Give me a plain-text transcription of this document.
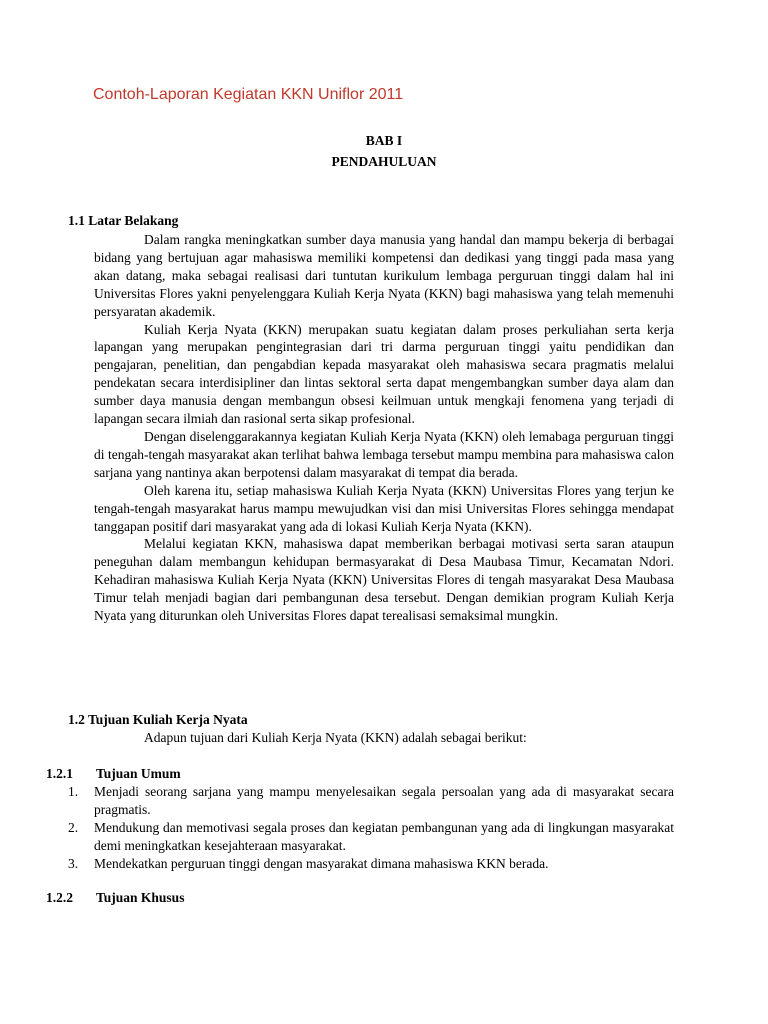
Contoh-Laporan Kegiatan KKN Uniflor 2011
BAB I
PENDAHULUAN
1.1 Latar Belakang

Dalam rangka meningkatkan sumber daya manusia yang handal dan mampu bekerja di berbagai bidang yang bertujuan agar mahasiswa memiliki kompetensi dan dedikasi yang tinggi pada masa yang akan datang, maka sebagai realisasi dari tuntutan kurikulum lembaga perguruan tinggi dalam hal ini Universitas Flores yakni penyelenggara Kuliah Kerja Nyata (KKN) bagi mahasiswa yang telah memenuhi persyaratan akademik.

Kuliah Kerja Nyata (KKN) merupakan suatu kegiatan dalam proses perkuliahan serta kerja lapangan yang merupakan pengintegrasian dari tri darma perguruan tinggi yaitu pendidikan dan pengajaran, penelitian, dan pengabdian kepada masyarakat oleh mahasiswa secara pragmatis melalui pendekatan secara interdisipliner dan lintas sektoral serta dapat mengembangkan sumber daya alam dan sumber daya manusia dengan membangun obsesi keilmuan untuk mengkaji fenomena yang terjadi di lapangan secara ilmiah dan rasional serta sikap profesional.

Dengan diselenggarakannya kegiatan Kuliah Kerja Nyata (KKN) oleh lemabaga perguruan tinggi di tengah-tengah masyarakat akan terlihat bahwa lembaga tersebut mampu membina para mahasiswa calon sarjana yang nantinya akan berpotensi dalam masyarakat di tempat dia berada.

Oleh karena itu, setiap mahasiswa Kuliah Kerja Nyata (KKN) Universitas Flores yang terjun ke tengah-tengah masyarakat harus mampu mewujudkan visi dan misi Universitas Flores sehingga mendapat tanggapan positif dari masyarakat yang ada di lokasi Kuliah Kerja Nyata (KKN).

Melalui kegiatan KKN, mahasiswa dapat memberikan berbagai motivasi serta saran ataupun peneguhan dalam membangun kehidupan bermasyarakat di Desa Maubasa Timur, Kecamatan Ndori. Kehadiran mahasiswa Kuliah Kerja Nyata (KKN) Universitas Flores di tengah masyarakat Desa Maubasa Timur telah menjadi bagian dari pembangunan desa tersebut. Dengan demikian program Kuliah Kerja Nyata yang diturunkan oleh Universitas Flores dapat terealisasi semaksimal mungkin.

1.2 Tujuan Kuliah Kerja Nyata
Adapun tujuan dari Kuliah Kerja Nyata (KKN) adalah sebagai berikut:
1.2.1 Tujuan Umum
1. Menjadi seorang sarjana yang mampu menyelesaikan segala persoalan yang ada di masyarakat secara pragmatis.
2. Mendukung dan memotivasi segala proses dan kegiatan pembangunan yang ada di lingkungan masyarakat demi meningkatkan kesejahteraan masyarakat.
3. Mendekatkan perguruan tinggi dengan masyarakat dimana mahasiswa KKN berada.
1.2.2 Tujuan Khusus
